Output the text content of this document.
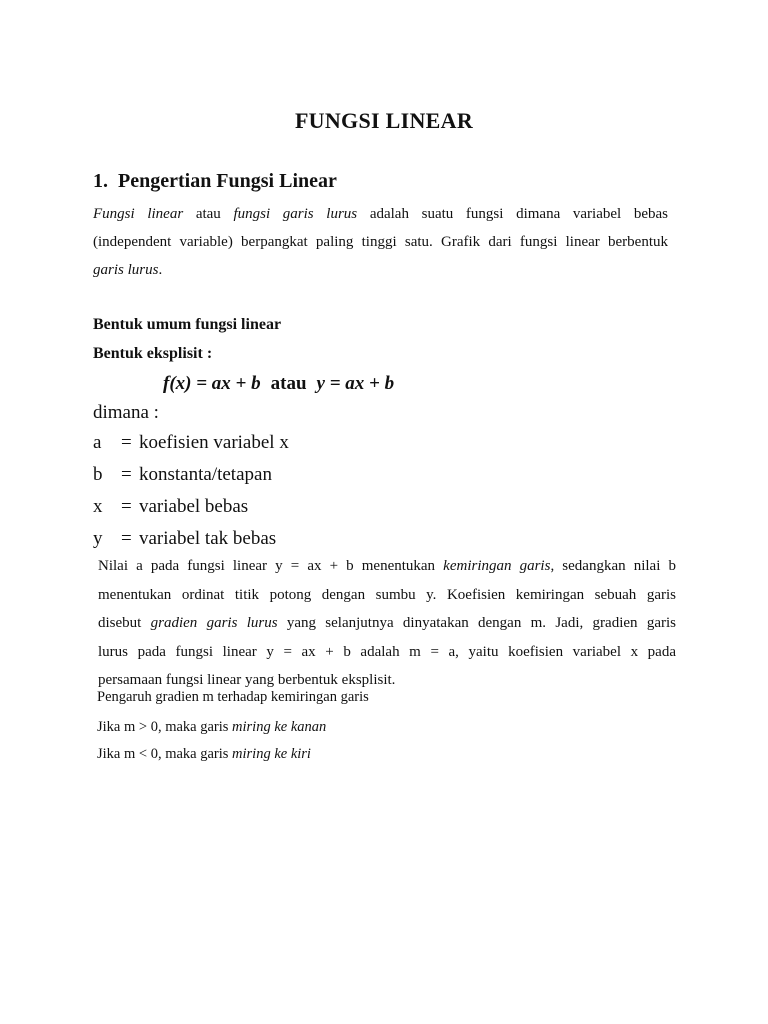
FUNGSI LINEAR
1. Pengertian Fungsi Linear
Fungsi linear atau fungsi garis lurus adalah suatu fungsi dimana variabel bebas
(independent variable) berpangkat paling tinggi satu. Grafik dari fungsi linear berbentuk
garis lurus.
Bentuk umum fungsi linear
Bentuk eksplisit :
f(x) = ax + b atau y = ax + b
dimana :
a	= koefisien variabel x
b = konstanta/tetapan
x = variabel bebas
y = variabel tak bebas
Nilai a pada fungsi linear y = ax + b menentukan kemiringan garis, sedangkan nilai b
menentukan ordinat titik potong dengan sumbu y. Koefisien kemiringan sebuah garis
disebut gradien garis lurus yang selanjutnya dinyatakan dengan m. Jadi, gradien garis
lurus pada fungsi linear y = ax + b adalah m = a, yaitu koefisien variabel x pada
persamaan fungsi linear yang berbentuk eksplisit.
Pengaruh gradien m terhadap kemiringan garis
Jika m > 0, maka garis miring ke kanan
Jika m < 0, maka garis miring ke kiri
